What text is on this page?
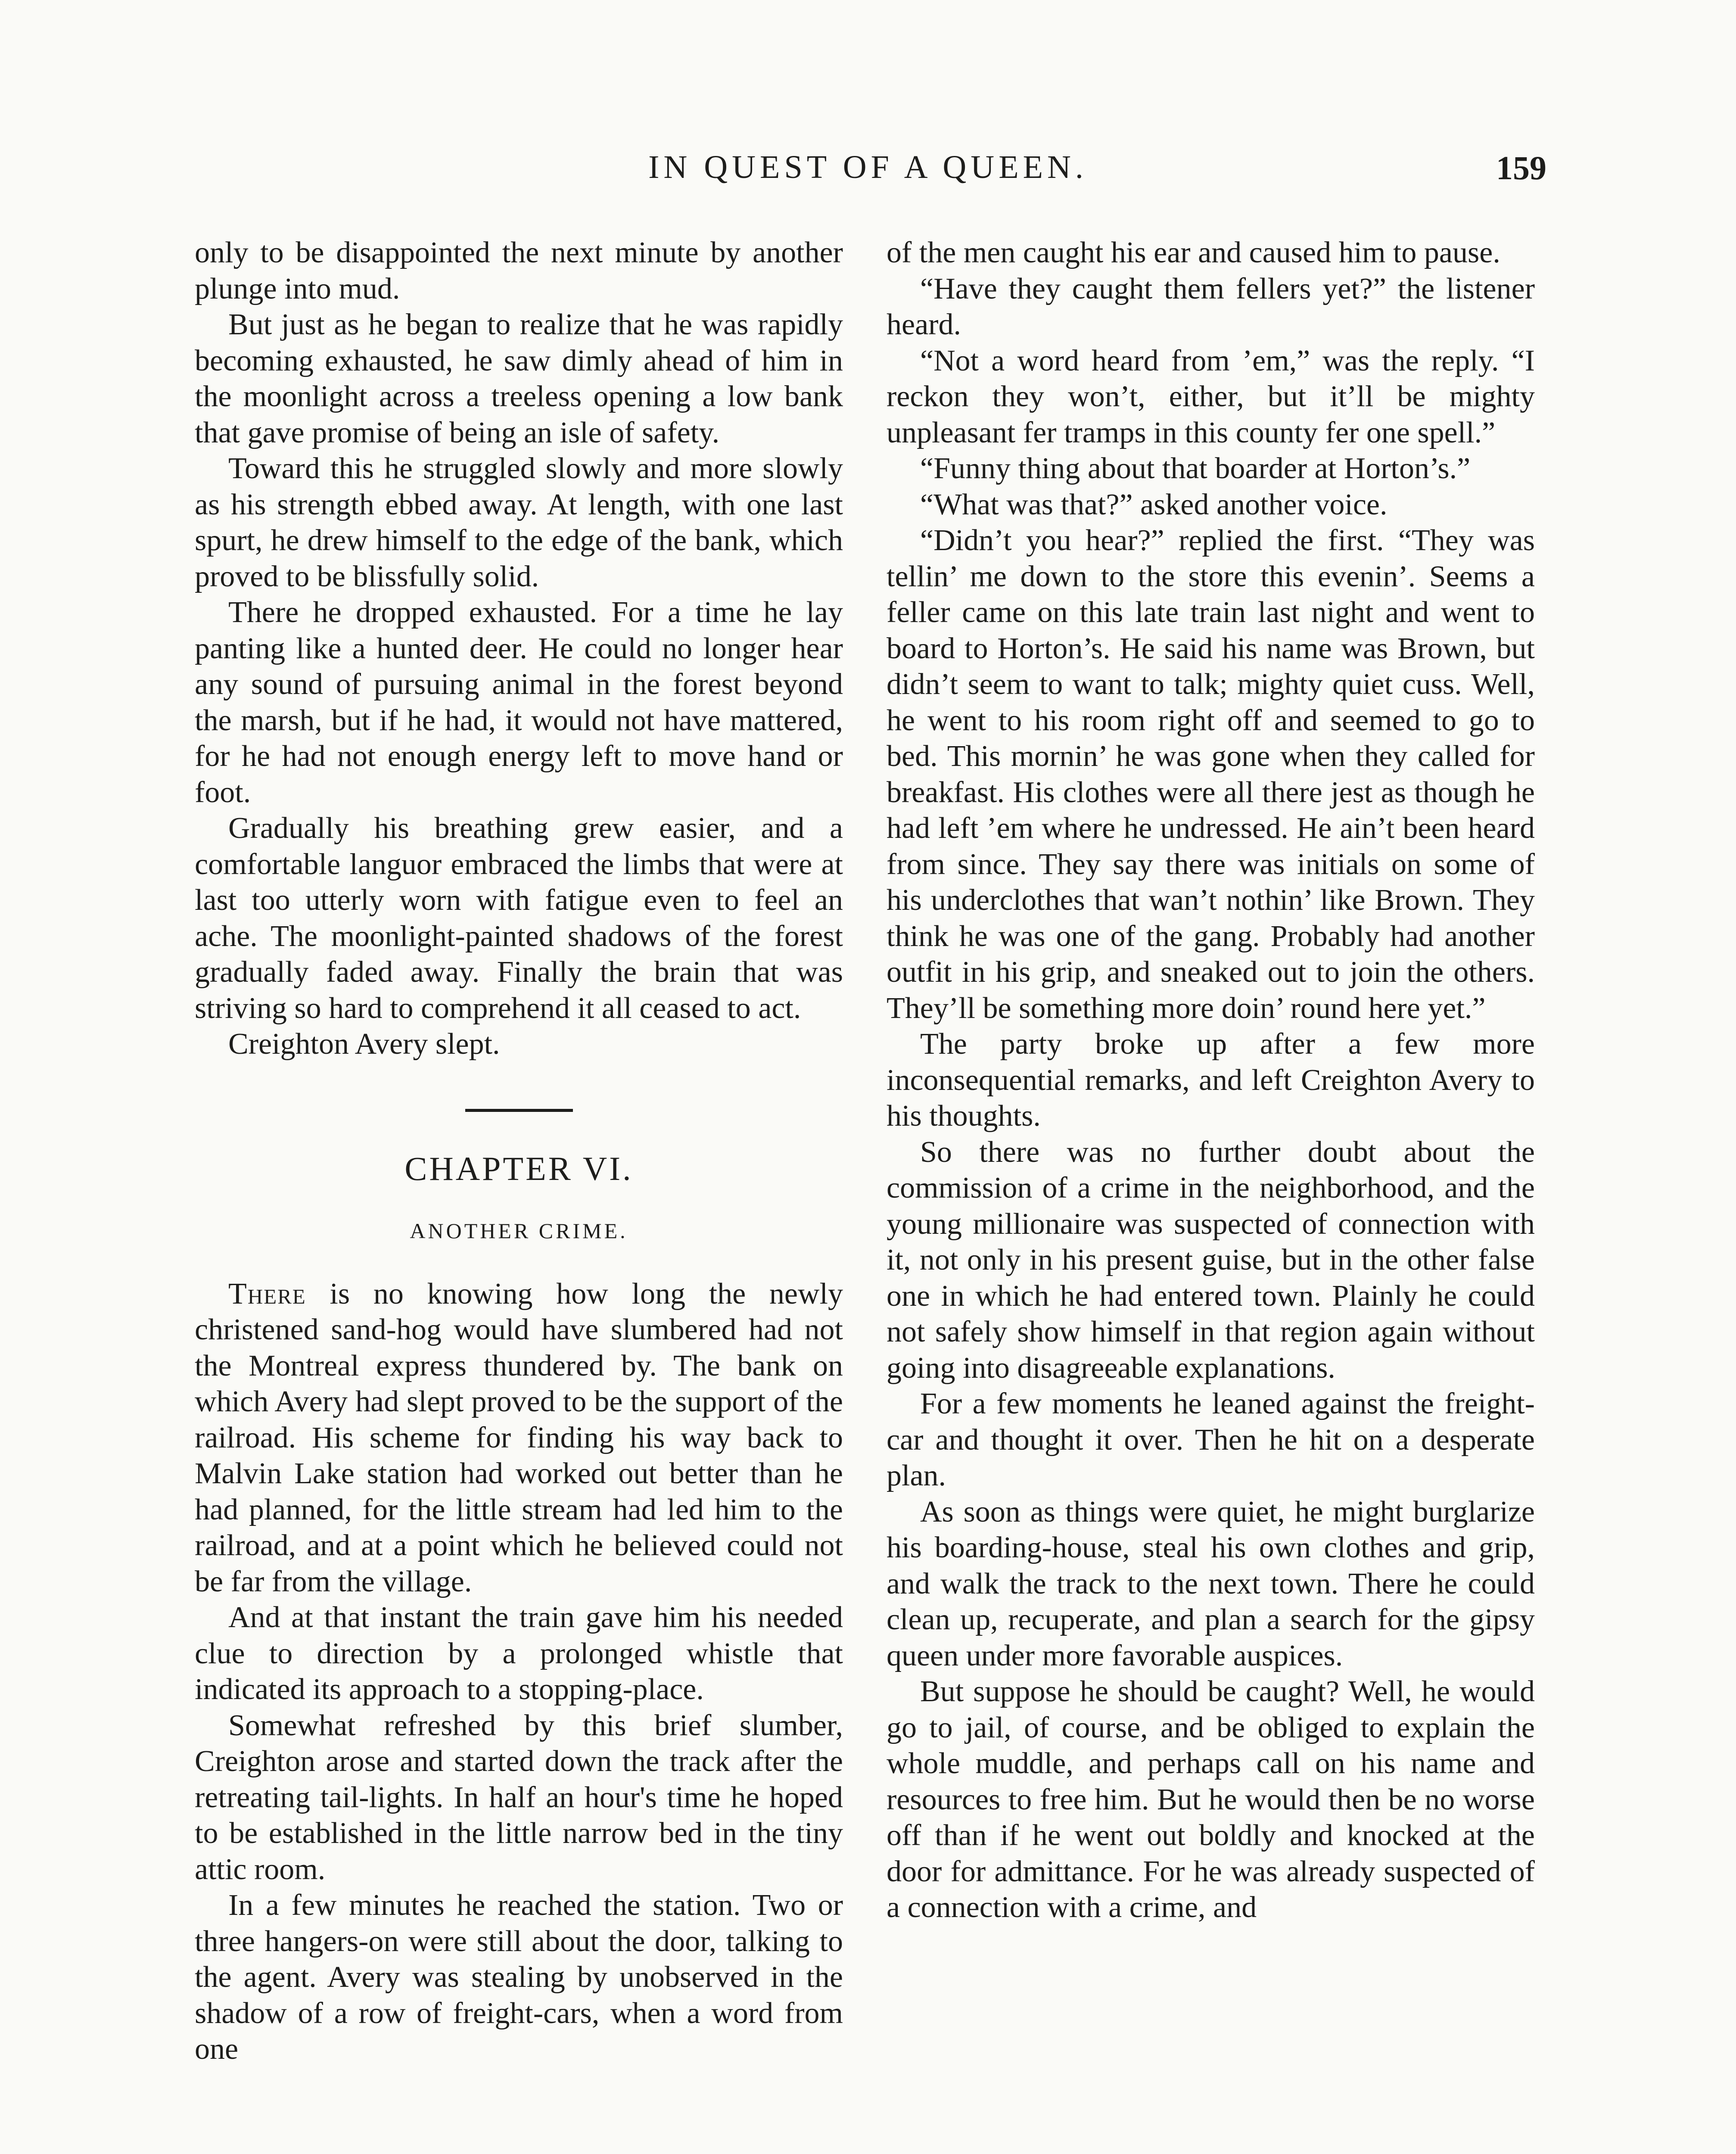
IN QUEST OF A QUEEN.	159

only to be disappointed the next minute by another plunge into mud.

But just as he began to realize that he was rapidly becoming exhausted, he saw dimly ahead of him in the moonlight across a treeless opening a low bank that gave promise of being an isle of safety.

Toward this he struggled slowly and more slowly as his strength ebbed away. At length, with one last spurt, he drew himself to the edge of the bank, which proved to be blissfully solid.

There he dropped exhausted. For a time he lay panting like a hunted deer. He could no longer hear any sound of pursuing animal in the forest beyond the marsh, but if he had, it would not have mattered, for he had not enough energy left to move hand or foot.

Gradually his breathing grew easier, and a comfortable languor embraced the limbs that were at last too utterly worn with fatigue even to feel an ache. The moonlight-painted shadows of the forest gradually faded away. Finally the brain that was striving so hard to comprehend it all ceased to act.

Creighton Avery slept.

CHAPTER VI.
ANOTHER CRIME.

There is no knowing how long the newly christened sand-hog would have slumbered had not the Montreal express thundered by. The bank on which Avery had slept proved to be the support of the railroad. His scheme for finding his way back to Malvin Lake station had worked out better than he had planned, for the little stream had led him to the railroad, and at a point which he believed could not be far from the village.

And at that instant the train gave him his needed clue to direction by a prolonged whistle that indicated its approach to a stopping-place.

Somewhat refreshed by this brief slumber, Creighton arose and started down the track after the retreating tail-lights. In half an hour's time he hoped to be established in the little narrow bed in the tiny attic room.

In a few minutes he reached the station. Two or three hangers-on were still about the door, talking to the agent. Avery was stealing by unobserved in the shadow of a row of freight-cars, when a word from one

of the men caught his ear and caused him to pause.

“Have they caught them fellers yet?” the listener heard.

“Not a word heard from ’em,” was the reply. “I reckon they won’t, either, but it’ll be mighty unpleasant fer tramps in this county fer one spell.”

“Funny thing about that boarder at Horton’s.”

“What was that?” asked another voice.

“Didn’t you hear?” replied the first. “They was tellin’ me down to the store this evenin’. Seems a feller came on this late train last night and went to board to Horton’s. He said his name was Brown, but didn’t seem to want to talk; mighty quiet cuss. Well, he went to his room right off and seemed to go to bed. This mornin’ he was gone when they called for breakfast. His clothes were all there jest as though he had left ’em where he undressed. He ain’t been heard from since. They say there was initials on some of his underclothes that wan’t nothin’ like Brown. They think he was one of the gang. Probably had another outfit in his grip, and sneaked out to join the others. They’ll be something more doin’ round here yet.”

The party broke up after a few more inconsequential remarks, and left Creighton Avery to his thoughts.

So there was no further doubt about the commission of a crime in the neighborhood, and the young millionaire was suspected of connection with it, not only in his present guise, but in the other false one in which he had entered town. Plainly he could not safely show himself in that region again without going into disagreeable explanations.

For a few moments he leaned against the freight-car and thought it over. Then he hit on a desperate plan.

As soon as things were quiet, he might burglarize his boarding-house, steal his own clothes and grip, and walk the track to the next town. There he could clean up, recuperate, and plan a search for the gipsy queen under more favorable auspices.

But suppose he should be caught? Well, he would go to jail, of course, and be obliged to explain the whole muddle, and perhaps call on his name and resources to free him. But he would then be no worse off than if he went out boldly and knocked at the door for admittance. For he was already suspected of a connection with a crime, and
